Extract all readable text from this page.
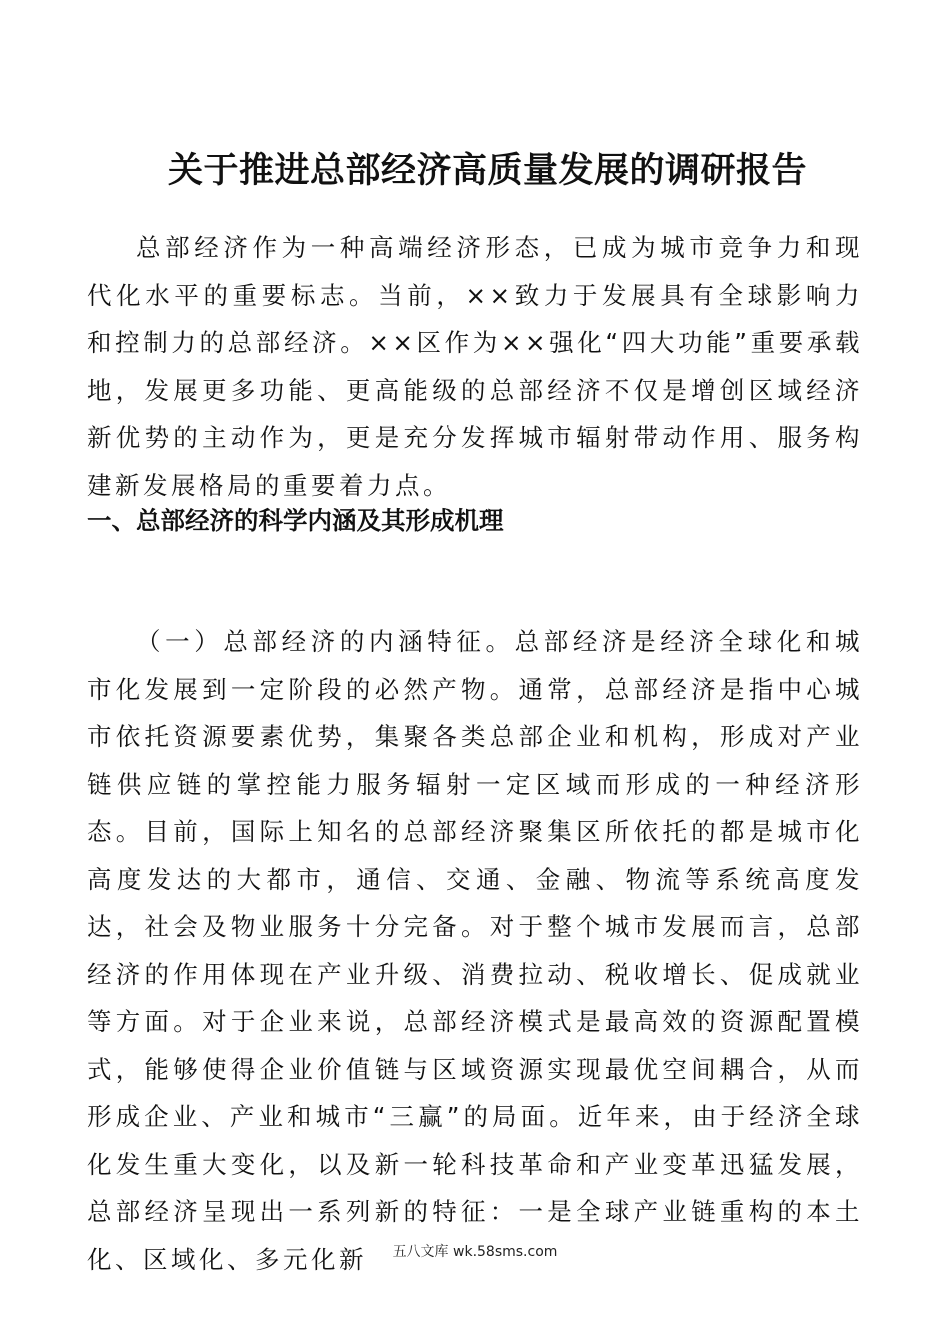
关于推进总部经济高质量发展的调研报告

总部经济作为一种高端经济形态，已成为城市竞争力和现代化水平的重要标志。当前，××致力于发展具有全球影响力和控制力的总部经济。××区作为××强化“四大功能”重要承载地，发展更多功能、更高能级的总部经济不仅是增创区域经济新优势的主动作为，更是充分发挥城市辐射带动作用、服务构建新发展格局的重要着力点。

一、总部经济的科学内涵及其形成机理

（一）总部经济的内涵特征。总部经济是经济全球化和城市化发展到一定阶段的必然产物。通常，总部经济是指中心城市依托资源要素优势，集聚各类总部企业和机构，形成对产业链供应链的掌控能力服务辐射一定区域而形成的一种经济形态。目前，国际上知名的总部经济聚集区所依托的都是城市化高度发达的大都市，通信、交通、金融、物流等系统高度发达，社会及物业服务十分完备。对于整个城市发展而言，总部经济的作用体现在产业升级、消费拉动、税收增长、促成就业等方面。对于企业来说，总部经济模式是最高效的资源配置模式，能够使得企业价值链与区域资源实现最优空间耦合，从而形成企业、产业和城市“三赢”的局面。近年来，由于经济全球化发生重大变化，以及新一轮科技革命和产业变革迅猛发展，总部经济呈现出一系列新的特征：一是全球产业链重构的本土化、区域化、多元化新	五八文库 wk.58sms.com
